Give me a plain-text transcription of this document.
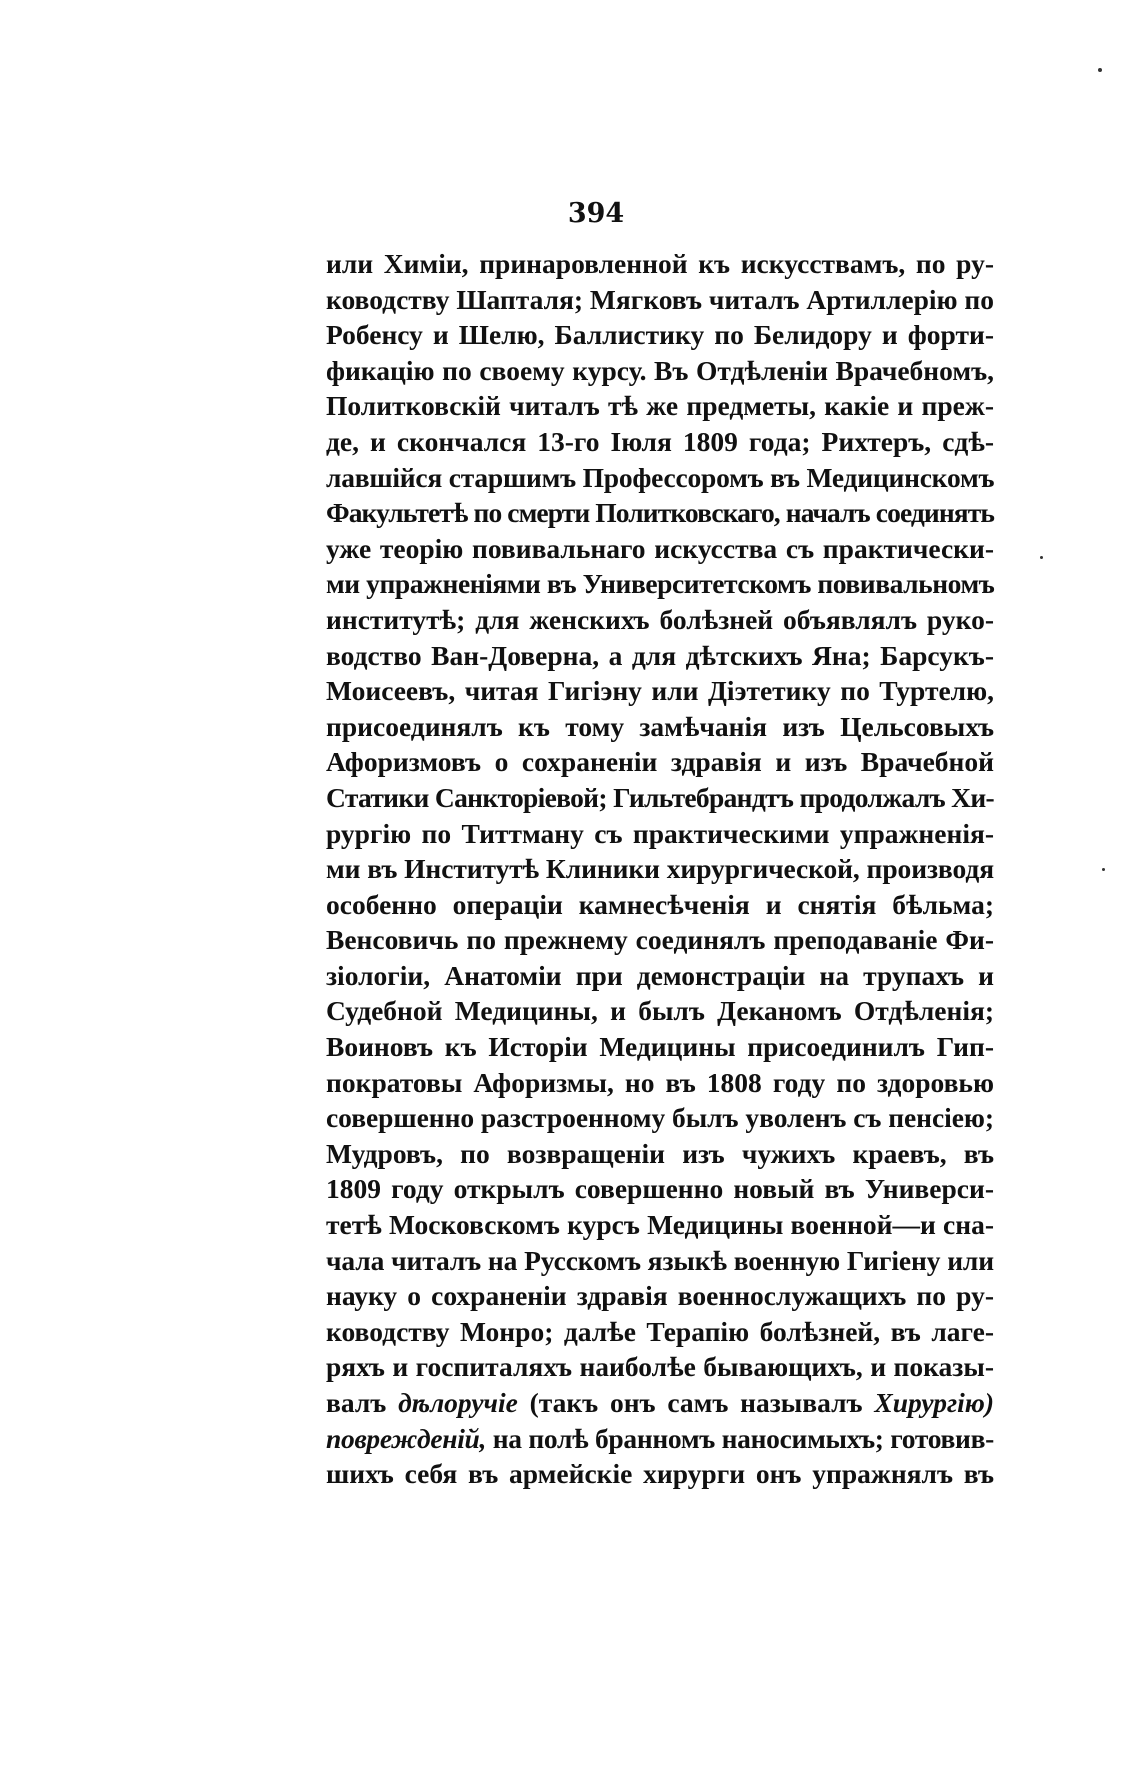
394
или Химіи, принаровленной къ искусствамъ, по ру-
ководству Шапталя; Мягковъ читалъ Артиллерію по
Робенсу и Шелю, Баллистику по Белидору и форти-
фикацію по своему курсу. Въ Отдѣленіи Врачебномъ,
Политковскій читалъ тѣ же предметы, какіе и преж-
де, и скончался 13-го Іюля 1809 года; Рихтеръ, сдѣ-
лавшійся старшимъ Профессоромъ въ Медицинскомъ
Факультетѣ по смерти Политковскаго, началъ соединять
уже теорію повивальнаго искусства съ практически-
ми упражненіями въ Университетскомъ повивальномъ
институтѣ; для женскихъ болѣзней объявлялъ руко-
водство Ван-Доверна, а для дѣтскихъ Яна; Барсукъ-
Моисеевъ, читая Гигіэну или Діэтетику по Туртелю,
присоединялъ къ тому замѣчанія изъ Цельсовыхъ
Афоризмовъ о сохраненіи здравія и изъ Врачебной
Статики Санкторіевой; Гильтебрандтъ продолжалъ Хи-
рургію по Титтману съ практическими упражненія-
ми въ Институтѣ Клиники хирургической, производя
особенно операціи камнесѣченія и снятія бѣльма;
Венсовичь по прежнему соединялъ преподаваніе Фи-
зіологіи, Анатоміи при демонстраціи на трупахъ и
Судебной Медицины, и былъ Деканомъ Отдѣленія;
Воиновъ къ Исторіи Медицины присоединилъ Гип-
пократовы Афоризмы, но въ 1808 году по здоровью
совершенно разстроенному былъ уволенъ съ пенсіею;
Мудровъ, по возвращеніи изъ чужихъ краевъ, въ
1809 году открылъ совершенно новый въ Универси-
тетѣ Московскомъ курсъ Медицины военной—и сна-
чала читалъ на Русскомъ языкѣ военную Гигіену или
науку о сохраненіи здравія военнослужащихъ по ру-
ководству Монро; далѣе Терапію болѣзней, въ лаге-
ряхъ и госпиталяхъ наиболѣе бывающихъ, и показы-
валъ дѣлоручіе (такъ онъ самъ называлъ Хирургію)
поврежденій, на полѣ бранномъ наносимыхъ; готовив-
шихъ себя въ армейскіе хирурги онъ упражнялъ въ
